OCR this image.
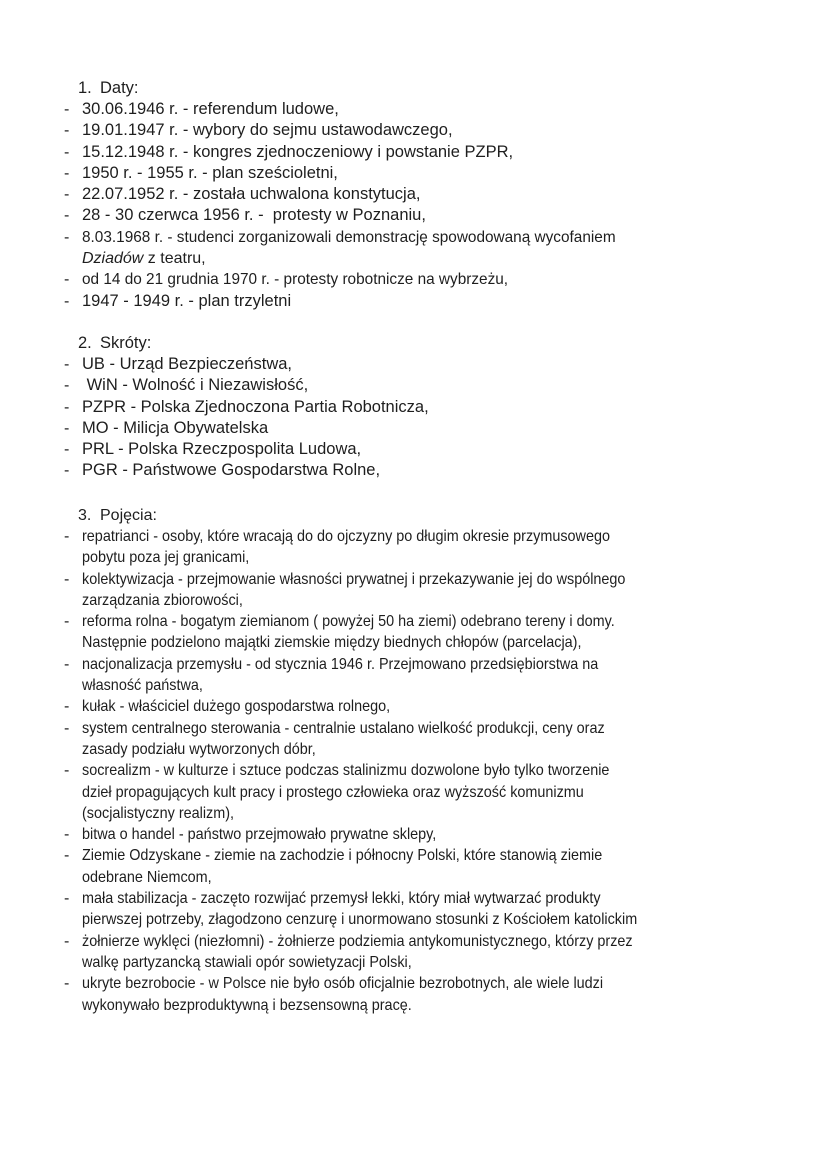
1. Daty:
- 30.06.1946 r. - referendum ludowe,
- 19.01.1947 r. - wybory do sejmu ustawodawczego,
- 15.12.1948 r. - kongres zjednoczeniowy i powstanie PZPR,
- 1950 r. - 1955 r. - plan sześcioletni,
- 22.07.1952 r. - została uchwalona konstytucja,
- 28 - 30 czerwca 1956 r. -  protesty w Poznaniu,
- 8.03.1968 r. - studenci zorganizowali demonstrację spowodowaną wycofaniem
Dziadów z teatru,
- od 14 do 21 grudnia 1970 r. - protesty robotnicze na wybrzeżu,
- 1947 - 1949 r. - plan trzyletni
2. Skróty:
- UB - Urząd Bezpieczeństwa,
- WiN - Wolność i Niezawisłość,
- PZPR - Polska Zjednoczona Partia Robotnicza,
- MO - Milicja Obywatelska
- PRL - Polska Rzeczpospolita Ludowa,
- PGR - Państwowe Gospodarstwa Rolne,
3. Pojęcia:
- repatrianci - osoby, które wracają do do ojczyzny po długim okresie przymusowego
pobytu poza jej granicami,
- kolektywizacja - przejmowanie własności prywatnej i przekazywanie jej do wspólnego
zarządzania zbiorowości,
- reforma rolna - bogatym ziemianom ( powyżej 50 ha ziemi) odebrano tereny i domy.
Następnie podzielono majątki ziemskie między biednych chłopów (parcelacja),
- nacjonalizacja przemysłu - od stycznia 1946 r. Przejmowano przedsiębiorstwa na
własność państwa,
- kułak - właściciel dużego gospodarstwa rolnego,
- system centralnego sterowania - centralnie ustalano wielkość produkcji, ceny oraz
zasady podziału wytworzonych dóbr,
- socrealizm - w kulturze i sztuce podczas stalinizmu dozwolone było tylko tworzenie
dzieł propagujących kult pracy i prostego człowieka oraz wyższość komunizmu
(socjalistyczny realizm),
- bitwa o handel - państwo przejmowało prywatne sklepy,
- Ziemie Odzyskane - ziemie na zachodzie i północny Polski, które stanowią ziemie
odebrane Niemcom,
- mała stabilizacja - zaczęto rozwijać przemysł lekki, który miał wytwarzać produkty
pierwszej potrzeby, złagodzono cenzurę i unormowano stosunki z Kościołem katolickim
- żołnierze wyklęci (niezłomni) - żołnierze podziemia antykomunistycznego, którzy przez
walkę partyzancką stawiali opór sowietyzacji Polski,
- ukryte bezrobocie - w Polsce nie było osób oficjalnie bezrobotnych, ale wiele ludzi
wykonywało bezproduktywną i bezsensowną pracę.
